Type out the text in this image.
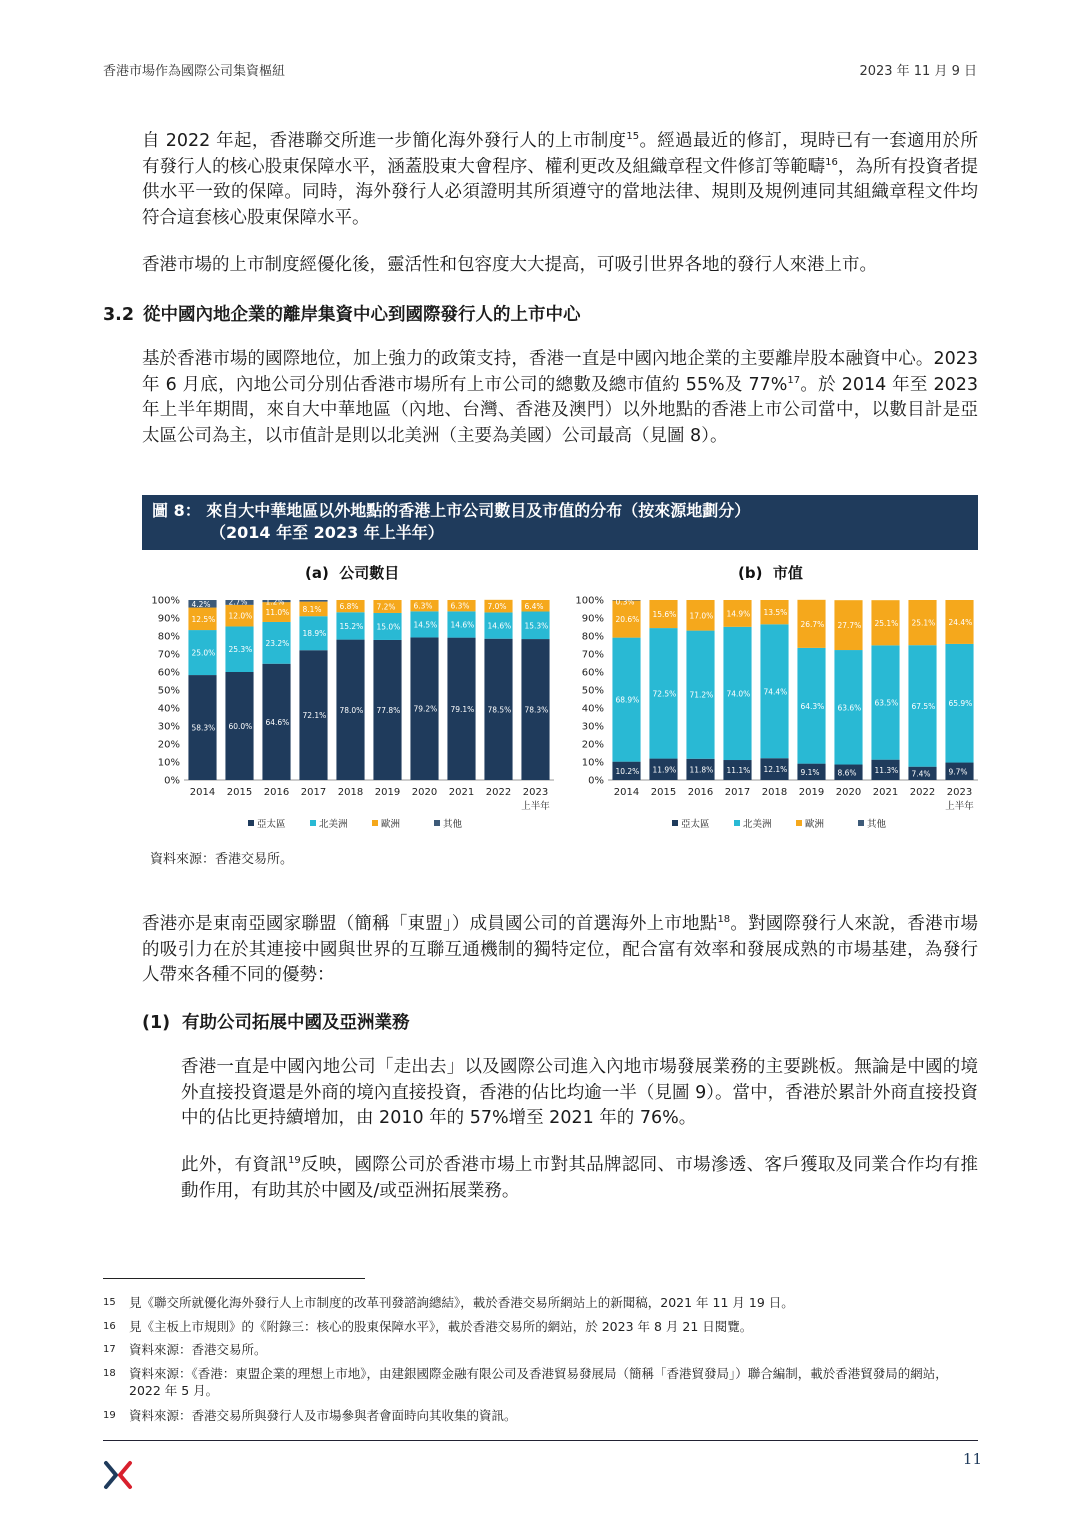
香港市場作為國際公司集資樞紐	2023 年 11 月 9 日
自 2022 年起，香港聯交所進一步簡化海外發行人的上市制度$^{15}$。經過最近的修訂，現時已有一套適用於所有發行人的核心股東保障水平，涵蓋股東大會程序、權利更改及組織章程文件修訂等範疇$^{16}$，為所有投資者提供水平一致的保障。同時，海外發行人必須證明其所須遵守的當地法律、規則及規例連同其組織章程文件均符合這套核心股東保障水平。
香港市場的上市制度經優化後，靈活性和包容度大大提高，可吸引世界各地的發行人來港上市。
3.2 從中國內地企業的離岸集資中心到國際發行人的上市中心
基於香港市場的國際地位，加上強力的政策支持，香港一直是中國內地企業的主要離岸股本融資中心。2023 年 6 月底，內地公司分別佔香港市場所有上市公司的總數及總市值約 55%及 77%$^{17}$。於 2014 年至 2023 年上半年期間，來自大中華地區（內地、台灣、香港及澳門）以外地點的香港上市公司當中，以數目計是亞太區公司為主，以市值計是則以北美洲（主要為美國）公司最高（見圖 8）。
圖 8： 來自大中華地區以外地點的香港上市公司數目及市值的分布（按來源地劃分）
（2014 年至 2023 年上半年）
(a) 公司數目	(b) 市值
0%
10%
20%
30%
40%
50%
60%
70%
80%
90%
100%
58.3%
25.0%
12.5%
4.2%
2014
60.0%
25.3%
12.0%
2.7%
2015
64.6%
23.2%
11.0%
1.2%
2016
72.1%
18.9%
8.1%
2017
78.0%
15.2%
6.8%
2018
77.8%
15.0%
7.2%
2019
79.2%
14.5%
6.3%
2020
79.1%
14.6%
6.3%
2021
78.5%
14.6%
7.0%
2022
78.3%
15.3%
6.4%
2023
上半年
亞太區	北美洲	歐洲	其他
0%
10%
20%
30%
40%
50%
60%
70%
80%
90%
100%
10.2%
68.9%
20.6%
0.3%
2014
11.9%
72.5%
15.6%
2015
11.8%
71.2%
17.0%
2016
11.1%
74.0%
14.9%
2017
12.1%
74.4%
13.5%
2018
9.1%
64.3%
26.7%
2019
8.6%
63.6%
27.7%
2020
11.3%
63.5%
25.1%
2021
7.4%
67.5%
25.1%
2022
9.7%
65.9%
24.4%
2023
上半年
亞太區	北美洲	歐洲	其他
資料來源：香港交易所。
香港亦是東南亞國家聯盟（簡稱「東盟」）成員國公司的首選海外上市地點$^{18}$。對國際發行人來說，香港市場的吸引力在於其連接中國與世界的互聯互通機制的獨特定位，配合富有效率和發展成熟的市場基建，為發行人帶來各種不同的優勢：
(1) 有助公司拓展中國及亞洲業務
香港一直是中國內地公司「走出去」以及國際公司進入內地市場發展業務的主要跳板。無論是中國的境外直接投資還是外商的境內直接投資，香港的佔比均逾一半（見圖 9）。當中，香港於累計外商直接投資中的佔比更持續增加，由 2010 年的 57%增至 2021 年的 76%。
此外，有資訊$^{19}$反映，國際公司於香港市場上市對其品牌認同、市場滲透、客戶獲取及同業合作均有推動作用，有助其於中國及/或亞洲拓展業務。
15	見《聯交所就優化海外發行人上市制度的改革刊發諮詢總結》，載於香港交易所網站上的新聞稿，2021 年 11 月 19 日。
16	見《主板上市規則》的《附錄三：核心的股東保障水平》，載於香港交易所的網站，於 2023 年 8 月 21 日閱覽。
17	資料來源：香港交易所。
18	資料來源：《香港：東盟企業的理想上市地》，由建銀國際金融有限公司及香港貿易發展局（簡稱「香港貿發局」）聯合編制，載於香港貿發局的網站，2022 年 5 月。
19	資料來源：香港交易所與發行人及市場參與者會面時向其收集的資訊。
11
